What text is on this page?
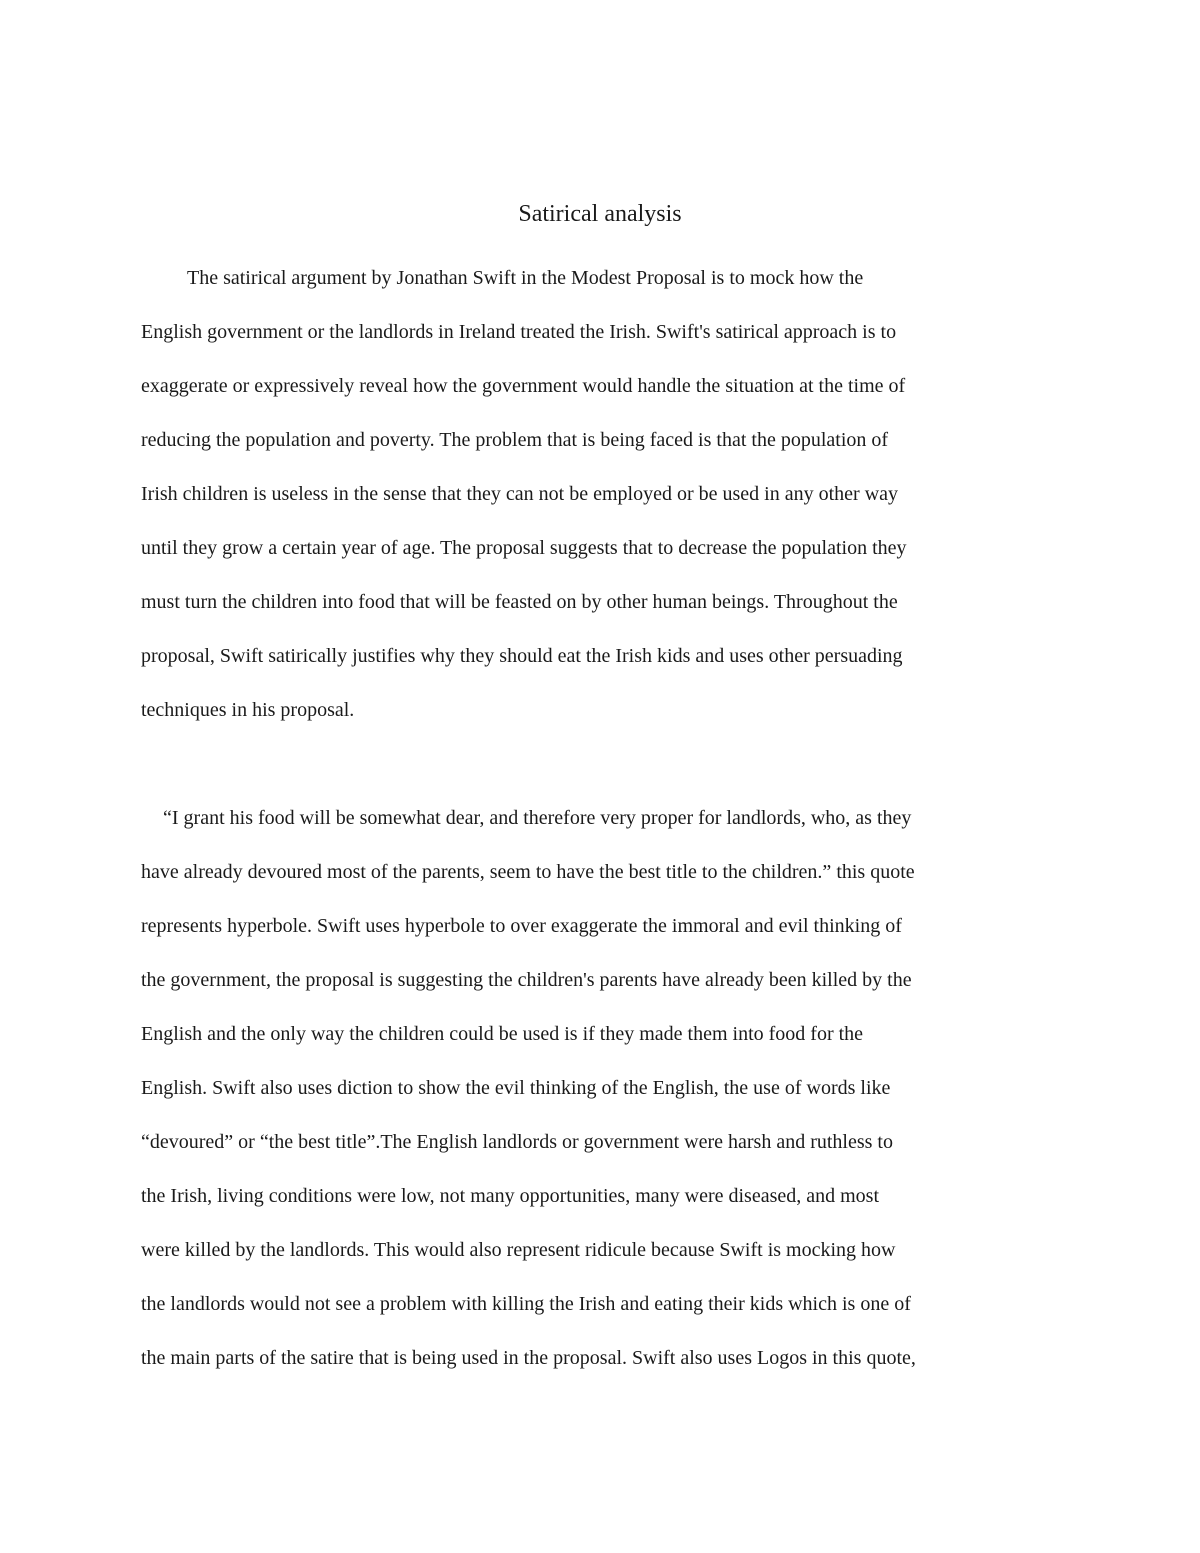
Satirical analysis

The satirical argument by Jonathan Swift in the Modest Proposal is to mock how the

English government or the landlords in Ireland treated the Irish. Swift's satirical approach is to

exaggerate or expressively reveal how the government would handle the situation at the time of

reducing the population and poverty. The problem that is being faced is that the population of

Irish children is useless in the sense that they can not be employed or be used in any other way

until they grow a certain year of age. The proposal suggests that to decrease the population they

must turn the children into food that will be feasted on by other human beings. Throughout the

proposal, Swift satirically justifies why they should eat the Irish kids and uses other persuading

techniques in his proposal.

“I grant his food will be somewhat dear, and therefore very proper for landlords, who, as they

have already devoured most of the parents, seem to have the best title to the children.” this quote

represents hyperbole. Swift uses hyperbole to over exaggerate the immoral and evil thinking of

the government, the proposal is suggesting the children's parents have already been killed by the

English and the only way the children could be used is if they made them into food for the

English. Swift also uses diction to show the evil thinking of the English, the use of words like

“devoured” or “the best title”.The English landlords or government were harsh and ruthless to

the Irish, living conditions were low, not many opportunities, many were diseased, and most

were killed by the landlords. This would also represent ridicule because Swift is mocking how

the landlords would not see a problem with killing the Irish and eating their kids which is one of

the main parts of the satire that is being used in the proposal. Swift also uses Logos in this quote,
